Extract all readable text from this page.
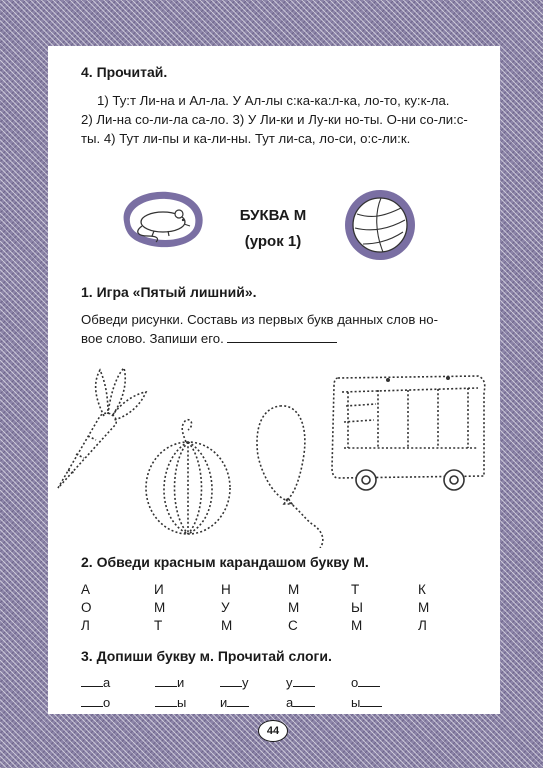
4. Прочитай.
1) Ту:т Ли-на и Ал-ла. У Ал-лы с:ка-ка:л-ка, ло-то, ку:к-ла.
2) Ли-на со-ли-ла са-ло. 3) У Ли-ки и Лу-ки но-ты. О-ни со-ли:с-
ты. 4) Тут ли-пы и ка-ли-ны. Тут ли-са, ло-си, о:с-ли:к.
БУКВА М
(урок 1)
1. Игра «Пятый лишний».
Обведи рисунки. Составь из первых букв данных слов но-
вое слово. Запиши его.
2. Обведи красным карандашом букву М.
А	И	Н	М	Т	К
О	М	У	М	Ы	М
Л	Т	М	С	М	Л
3. Допиши букву м. Прочитай слоги.
а	и	у	у	о
о	ы	и	а	ы
44
